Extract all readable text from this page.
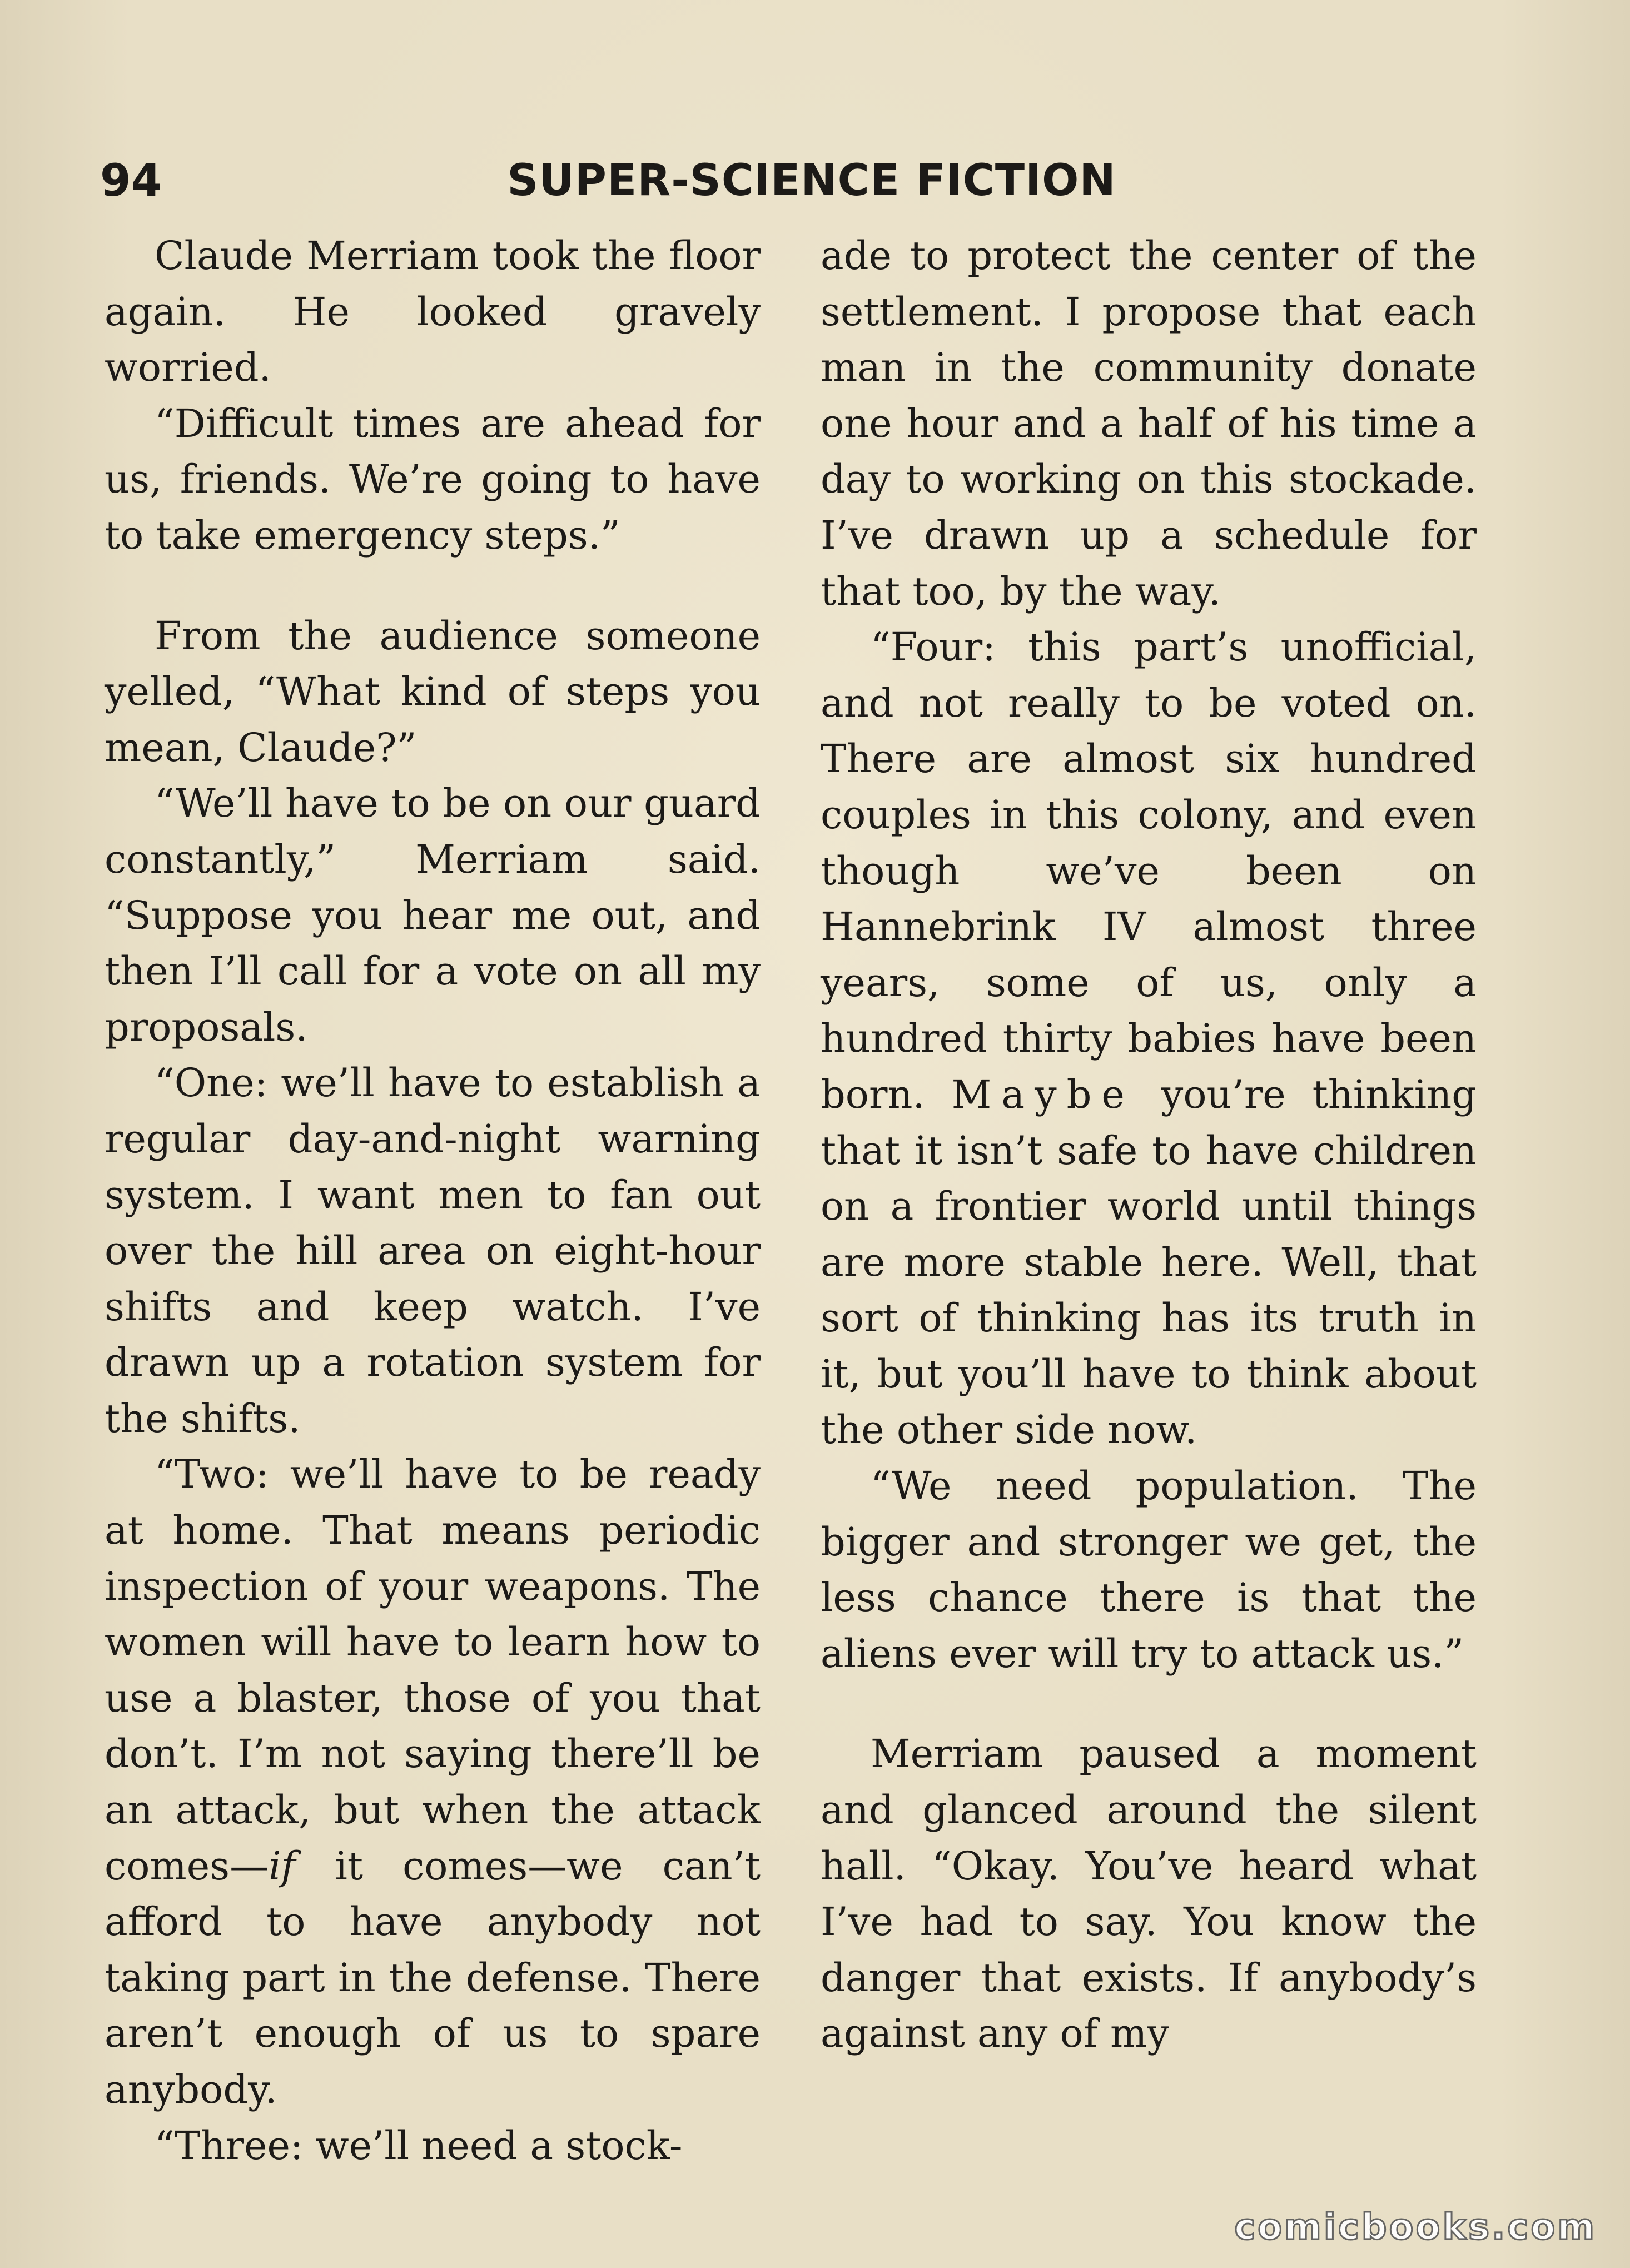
94	SUPER-SCIENCE FICTION

Claude Merriam took the floor again. He looked gravely worried.

“Difficult times are ahead for us, friends. We’re going to have to take emergency steps.”

From the audience someone yelled, “What kind of steps you mean, Claude?”

“We’ll have to be on our guard constantly,” Merriam said. “Suppose you hear me out, and then I’ll call for a vote on all my proposals.

“One: we’ll have to establish a regular day-and-night warning system. I want men to fan out over the hill area on eight-hour shifts and keep watch. I’ve drawn up a rotation system for the shifts.

“Two: we’ll have to be ready at home. That means periodic inspection of your weapons. The women will have to learn how to use a blaster, those of you that don’t. I’m not saying there’ll be an attack, but when the attack comes—if it comes—we can’t afford to have anybody not taking part in the defense. There aren’t enough of us to spare anybody.

“Three: we’ll need a stock-

ade to protect the center of the settlement. I propose that each man in the community donate one hour and a half of his time a day to working on this stockade. I’ve drawn up a schedule for that too, by the way.

“Four: this part’s unofficial, and not really to be voted on. There are almost six hundred couples in this colony, and even though we’ve been on Hannebrink IV almost three years, some of us, only a hundred thirty babies have been born. Maybe you’re thinking that it isn’t safe to have children on a frontier world until things are more stable here. Well, that sort of thinking has its truth in it, but you’ll have to think about the other side now.

“We need population. The bigger and stronger we get, the less chance there is that the aliens ever will try to attack us.”

Merriam paused a moment and glanced around the silent hall. “Okay. You’ve heard what I’ve had to say. You know the danger that exists. If anybody’s against any of my

comicbooks.com
